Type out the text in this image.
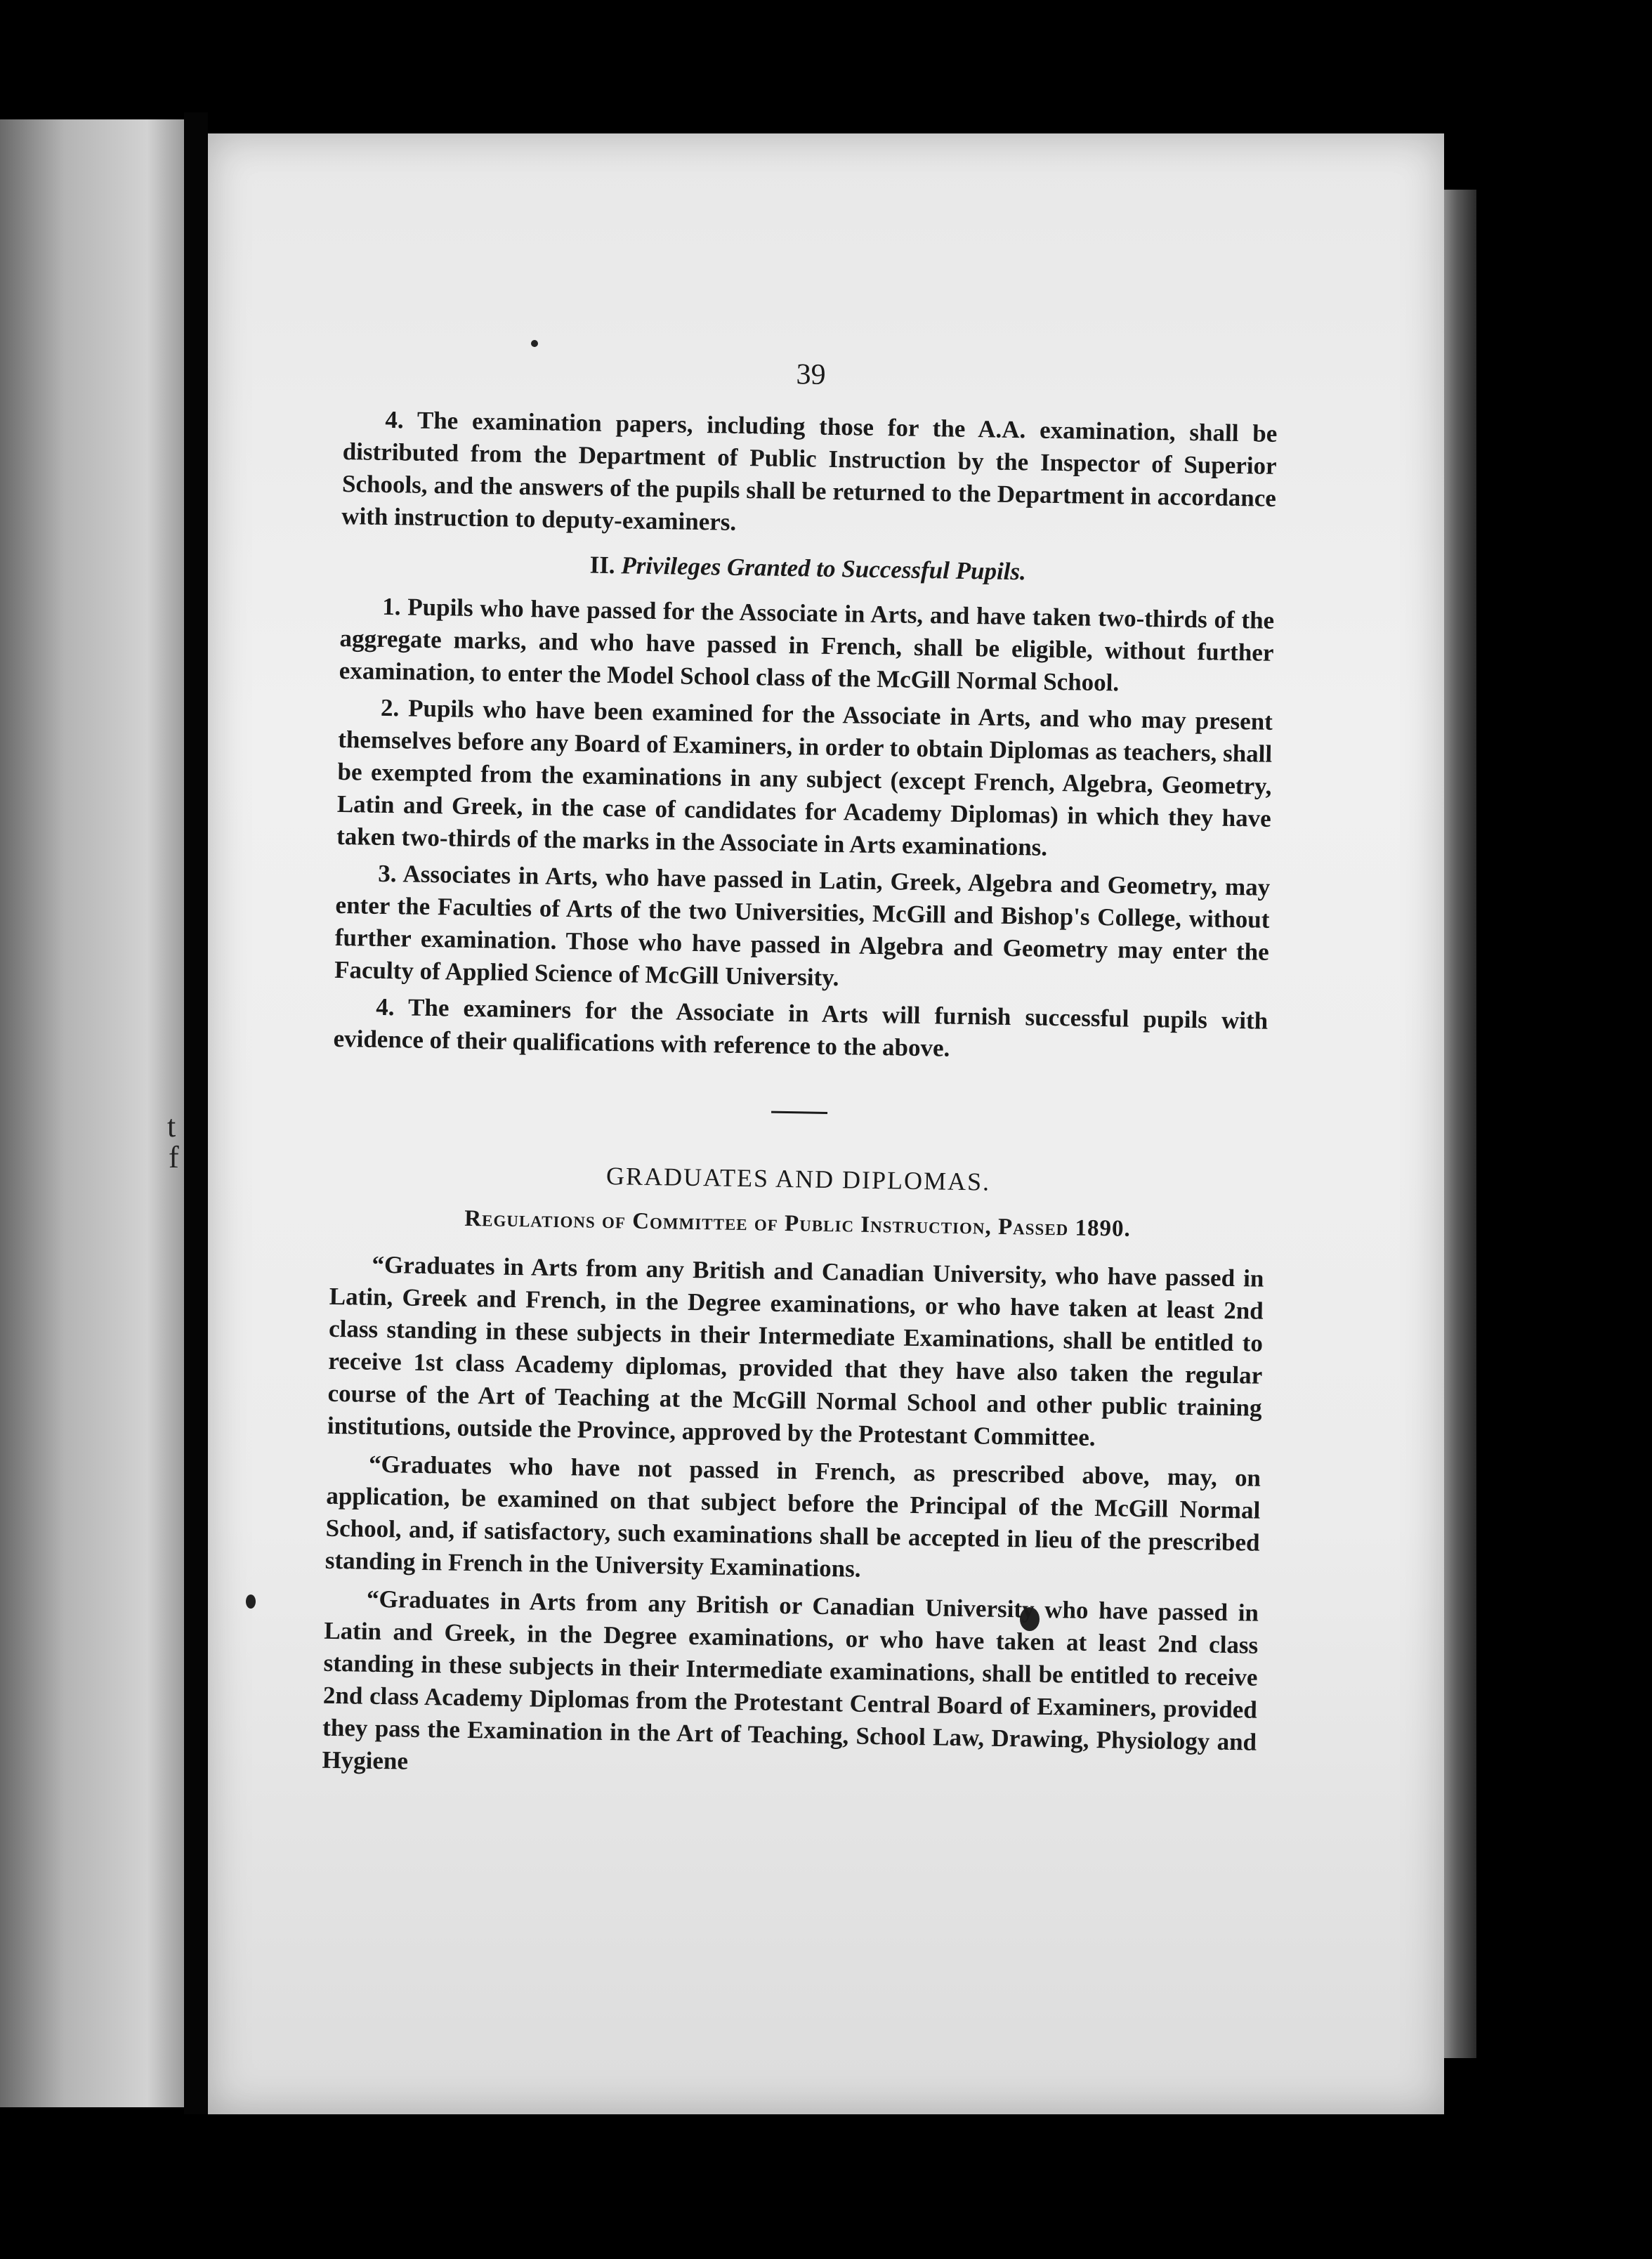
t
f
39

4. The examination papers, including those for the A.A. examination, shall be distributed from the Department of Public Instruction by the Inspector of Superior Schools, and the answers of the pupils shall be returned to the Department in accordance with instruction to deputy-examiners.

II. Privileges Granted to Successful Pupils.

1. Pupils who have passed for the Associate in Arts, and have taken two-thirds of the aggregate marks, and who have passed in French, shall be eligible, without further examination, to enter the Model School class of the McGill Normal School.

2. Pupils who have been examined for the Associate in Arts, and who may present themselves before any Board of Examiners, in order to obtain Diplomas as teachers, shall be exempted from the examinations in any subject (except French, Algebra, Geometry, Latin and Greek, in the case of candidates for Academy Diplomas) in which they have taken two-thirds of the marks in the Associate in Arts examinations.

3. Associates in Arts, who have passed in Latin, Greek, Algebra and Geometry, may enter the Faculties of Arts of the two Universities, McGill and Bishop's College, without further examination. Those who have passed in Algebra and Geometry may enter the Faculty of Applied Science of McGill University.

4. The examiners for the Associate in Arts will furnish successful pupils with evidence of their qualifications with reference to the above.

GRADUATES AND DIPLOMAS.
Regulations of Committee of Public Instruction, Passed 1890.

“Graduates in Arts from any British and Canadian University, who have passed in Latin, Greek and French, in the Degree examinations, or who have taken at least 2nd class standing in these subjects in their Intermediate Examinations, shall be entitled to receive 1st class Academy diplomas, provided that they have also taken the regular course of the Art of Teaching at the McGill Normal School and other public training institutions, outside the Province, approved by the Protestant Committee.

“Graduates who have not passed in French, as prescribed above, may, on application, be examined on that subject before the Principal of the McGill Normal School, and, if satisfactory, such examinations shall be accepted in lieu of the prescribed standing in French in the University Examinations.

“Graduates in Arts from any British or Canadian University who have passed in Latin and Greek, in the Degree examinations, or who have taken at least 2nd class standing in these subjects in their Intermediate examinations, shall be entitled to receive 2nd class Academy Diplomas from the Protestant Central Board of Examiners, provided they pass the Examination in the Art of Teaching, School Law, Drawing, Physiology and Hygiene
